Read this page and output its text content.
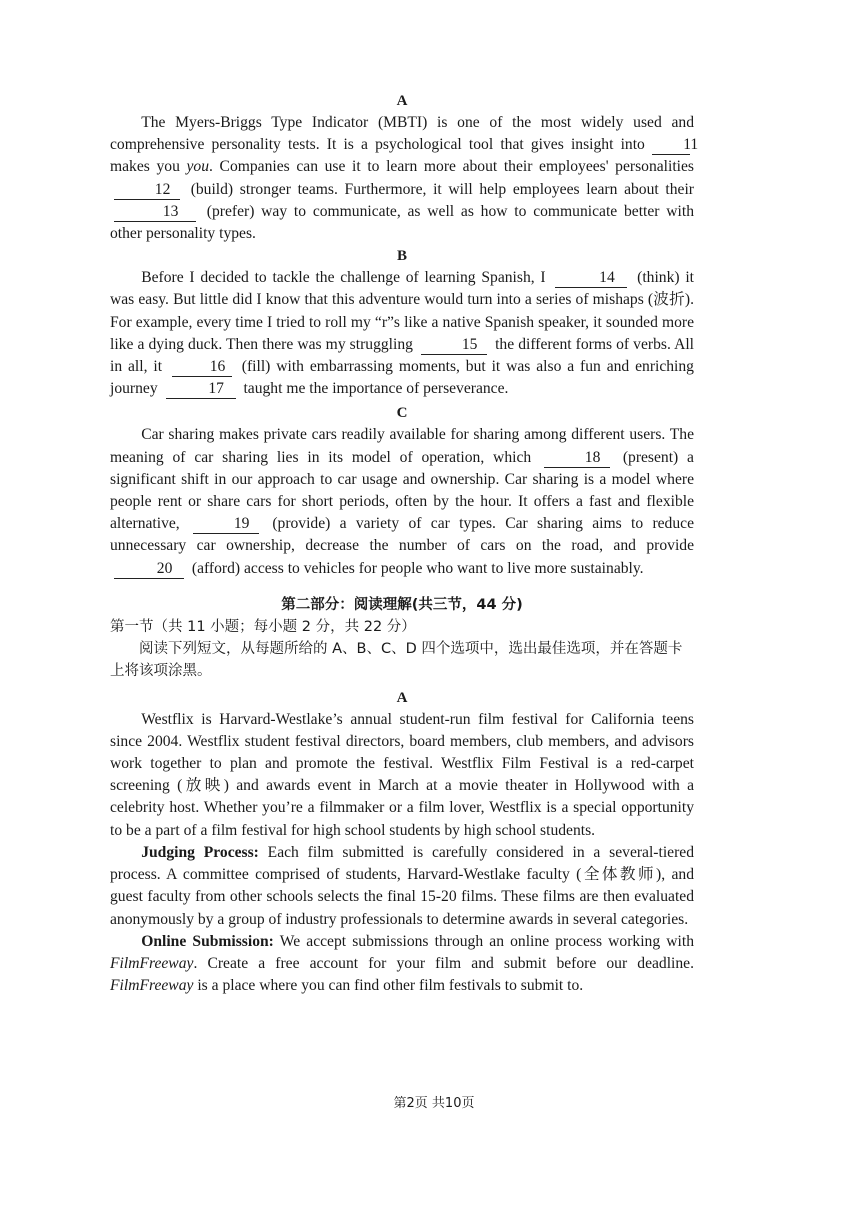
A

The Myers-Briggs Type Indicator (MBTI) is one of the most widely used and comprehensive personality tests. It is a psychological tool that gives insight into 11 makes you you. Companies can use it to learn more about their employees' personalities 12 (build) stronger teams. Furthermore, it will help employees learn about their 13 (prefer) way to communicate, as well as how to communicate better with other personality types.

B

Before I decided to tackle the challenge of learning Spanish, I	14 (think) it was easy. But little did I know that this adventure would turn into a series of mishaps (波折). For example, every time I tried to roll my “r”s like a native Spanish speaker, it sounded more like a dying duck. Then there was my struggling	15 the different forms of verbs. All in all, it	16 (fill) with embarrassing moments, but it was also a fun and enriching journey	17 taught me the importance of perseverance.

C

Car sharing makes private cars readily available for sharing among different users. The meaning of car sharing lies in its model of operation, which	18 (present) a significant shift in our approach to car usage and ownership. Car sharing is a model where people rent or share cars for short periods, often by the hour. It offers a fast and flexible alternative,	19 (provide) a variety of car types. Car sharing aims to reduce unnecessary car ownership, decrease the number of cars on the road, and provide 20 (afford) access to vehicles for people who want to live more sustainably.

第二部分：阅读理解(共三节，44 分)
第一节（共 11 小题；每小题 2 分，共 22 分）
阅读下列短文，从每题所给的 A、B、C、D 四个选项中，选出最佳选项，并在答题卡上将该项涂黑。
A

Westflix is Harvard-Westlake’s annual student-run film festival for California teens since 2004. Westflix student festival directors, board members, club members, and advisors work together to plan and promote the festival. Westflix Film Festival is a red-carpet screening (放映) and awards event in March at a movie theater in Hollywood with a celebrity host. Whether you’re a filmmaker or a film lover, Westflix is a special opportunity to be a part of a film festival for high school students by high school students.

Judging Process: Each film submitted is carefully considered in a several-tiered process. A committee comprised of students, Harvard-Westlake faculty (全体教师), and guest faculty from other schools selects the final 15-20 films. These films are then evaluated anonymously by a group of industry professionals to determine awards in several categories.

Online Submission: We accept submissions through an online process working with FilmFreeway. Create a free account for your film and submit before our deadline. FilmFreeway is a place where you can find other film festivals to submit to.

第2页 共10页
